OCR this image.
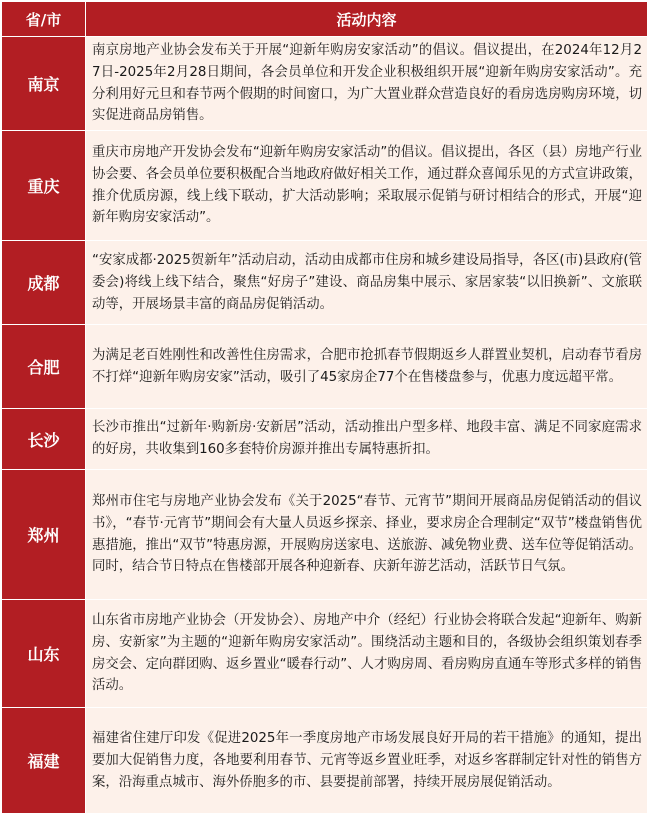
省/市	活动内容
南京	南京房地产业协会发布关于开展“迎新年购房安家活动”的倡议。倡议提出，在2024年12月27日-2025年2月28日期间，各会员单位和开发企业积极组织开展“迎新年购房安家活动”。充分利用好元旦和春节两个假期的时间窗口，为广大置业群众营造良好的看房选房购房环境，切实促进商品房销售。
重庆	重庆市房地产开发协会发布“迎新年购房安家活动”的倡议。倡议提出，各区（县）房地产行业协会要、各会员单位要积极配合当地政府做好相关工作，通过群众喜闻乐见的方式宣讲政策，推介优质房源，线上线下联动，扩大活动影响；采取展示促销与研讨相结合的形式，开展“迎新年购房安家活动”。
成都	“安家成都·2025贺新年”活动启动，活动由成都市住房和城乡建设局指导，各区(市)县政府(管委会)将线上线下结合，聚焦“好房子”建设、商品房集中展示、家居家装“以旧换新”、文旅联动等，开展场景丰富的商品房促销活动。
合肥	为满足老百姓刚性和改善性住房需求，合肥市抢抓春节假期返乡人群置业契机，启动春节看房不打烊“迎新年购房安家”活动，吸引了45家房企77个在售楼盘参与，优惠力度远超平常。
长沙	长沙市推出“过新年·购新房·安新居”活动，活动推出户型多样、地段丰富、满足不同家庭需求的好房，共收集到160多套特价房源并推出专属特惠折扣。
郑州	郑州市住宅与房地产业协会发布《关于2025“春节、元宵节”期间开展商品房促销活动的倡议书》，“春节·元宵节”期间会有大量人员返乡探亲、择业，要求房企合理制定“双节”楼盘销售优惠措施，推出“双节”特惠房源，开展购房送家电、送旅游、减免物业费、送车位等促销活动。同时，结合节日特点在售楼部开展各种迎新春、庆新年游艺活动，活跃节日气氛。
山东	山东省市房地产业协会（开发协会）、房地产中介（经纪）行业协会将联合发起“迎新年、购新房、安新家”为主题的“迎新年购房安家活动”。围绕活动主题和目的，各级协会组织策划春季房交会、定向群团购、返乡置业“暖春行动”、人才购房周、看房购房直通车等形式多样的销售活动。
福建	福建省住建厅印发《促进2025年一季度房地产市场发展良好开局的若干措施》的通知，提出要加大促销售力度，各地要利用春节、元宵等返乡置业旺季，对返乡客群制定针对性的销售方案，沿海重点城市、海外侨胞多的市、县要提前部署，持续开展房展促销活动。
